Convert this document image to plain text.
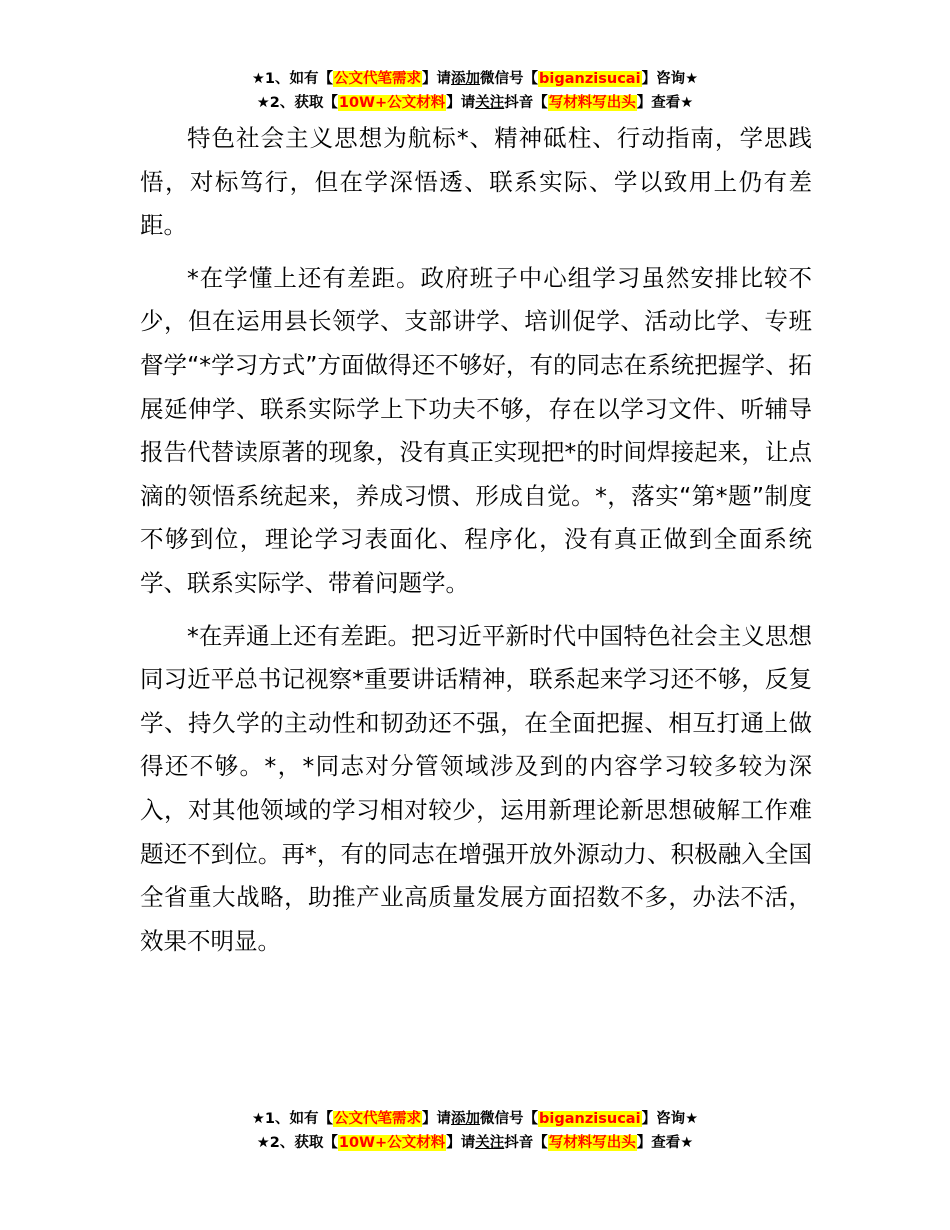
★1、如有【公文代笔需求】请添加微信号【biganzisucai】咨询★
★2、获取【10W+公文材料】请关注抖音【写材料写出头】查看★

特色社会主义思想为航标*、精神砥柱、行动指南，学思践悟，对标笃行，但在学深悟透、联系实际、学以致用上仍有差距。

*在学懂上还有差距。政府班子中心组学习虽然安排比较不少，但在运用县长领学、支部讲学、培训促学、活动比学、专班督学“*学习方式”方面做得还不够好，有的同志在系统把握学、拓展延伸学、联系实际学上下功夫不够，存在以学习文件、听辅导报告代替读原著的现象，没有真正实现把*的时间焊接起来，让点滴的领悟系统起来，养成习惯、形成自觉。*，落实“第*题”制度不够到位，理论学习表面化、程序化，没有真正做到全面系统学、联系实际学、带着问题学。

*在弄通上还有差距。把习近平新时代中国特色社会主义思想同习近平总书记视察*重要讲话精神，联系起来学习还不够，反复学、持久学的主动性和韧劲还不强，在全面把握、相互打通上做得还不够。*，*同志对分管领域涉及到的内容学习较多较为深入，对其他领域的学习相对较少，运用新理论新思想破解工作难题还不到位。再*，有的同志在增强开放外源动力、积极融入全国全省重大战略，助推产业高质量发展方面招数不多，办法不活，效果不明显。

★1、如有【公文代笔需求】请添加微信号【biganzisucai】咨询★
★2、获取【10W+公文材料】请关注抖音【写材料写出头】查看★
